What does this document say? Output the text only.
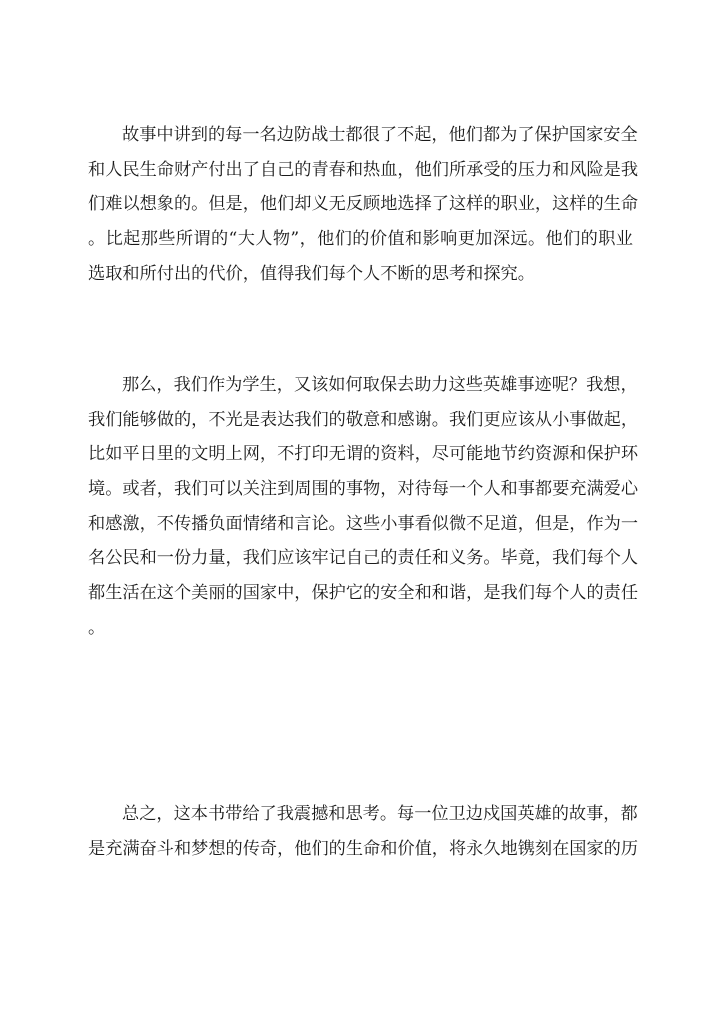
故事中讲到的每一名边防战士都很了不起，他们都为了保护国家安全
和人民生命财产付出了自己的青春和热血，他们所承受的压力和风险是我
们难以想象的。但是，他们却义无反顾地选择了这样的职业，这样的生命
。比起那些所谓的“大人物”，他们的价值和影响更加深远。他们的职业
选取和所付出的代价，值得我们每个人不断的思考和探究。
那么，我们作为学生，又该如何取保去助力这些英雄事迹呢？我想，
我们能够做的，不光是表达我们的敬意和感谢。我们更应该从小事做起，
比如平日里的文明上网，不打印无谓的资料，尽可能地节约资源和保护环
境。或者，我们可以关注到周围的事物，对待每一个人和事都要充满爱心
和感激，不传播负面情绪和言论。这些小事看似微不足道，但是，作为一
名公民和一份力量，我们应该牢记自己的责任和义务。毕竟，我们每个人
都生活在这个美丽的国家中，保护它的安全和和谐，是我们每个人的责任
。
总之，这本书带给了我震撼和思考。每一位卫边戍国英雄的故事，都
是充满奋斗和梦想的传奇，他们的生命和价值，将永久地镌刻在国家的历
